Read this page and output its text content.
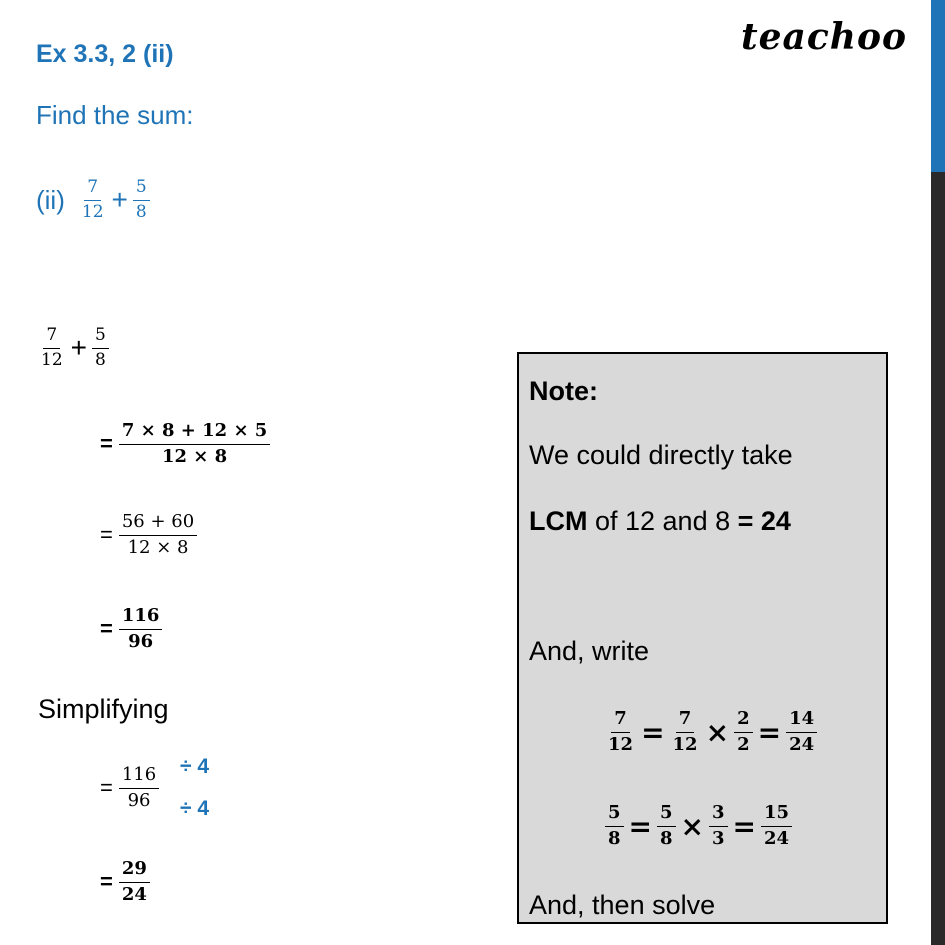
Ex 3.3, 2 (ii)	teachoo
Find the sum:
$(ii) \frac{7}{12} + \frac{5}{8}$
$\frac{7}{12} + \frac{5}{8}$
= $\frac{7 \times 8 + 12 \times 5}{12 \times 8}$
= $\frac{56 + 60}{12 \times 8}$
= $\frac{116}{96}$
Simplifying
= $\frac{116}{96} \div 4$
÷ 4
= $\frac{29}{24}$
Note:
We could directly take
LCM of 12 and 8 = 24
And, write
$\frac{7}{12} = \frac{7}{12} \times \frac{2}{2} = \frac{14}{24}$
$\frac{5}{8} = \frac{5}{8} \times \frac{3}{3} = \frac{15}{24}$
And, then solve
